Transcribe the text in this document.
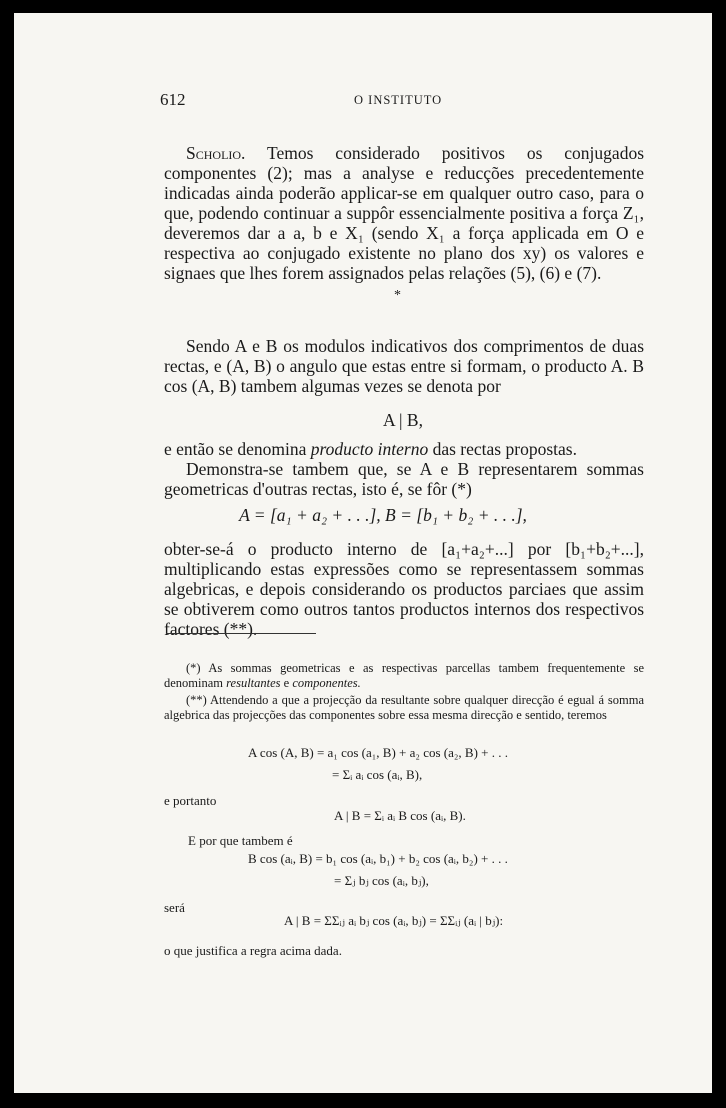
612	O INSTITUTO

Scholio. Temos considerado positivos os conjugados componentes (2); mas a analyse e reducções precedentemente indicadas ainda poderão applicar-se em qualquer outro caso, para o que, podendo continuar a suppôr essencialmente positiva a força Z₁, deveremos dar a a, b e X₁ (sendo X₁ a força applicada em O e respectiva ao conjugado existente no plano dos xy) os valores e signaes que lhes forem assignados pelas relações (5), (6) e (7).

*

Sendo A e B os modulos indicativos dos comprimentos de duas rectas, e (A, B) o angulo que estas entre si formam, o producto A. B cos (A, B) tambem algumas vezes se denota por

A | B,

e então se denomina producto interno das rectas propostas.

Demonstra-se tambem que, se A e B representarem sommas geometricas d'outras rectas, isto é, se fôr (*)

A = [a₁ + a₂ + . . .], B = [b₁ + b₂ + . . .],

obter-se-á o producto interno de [a₁+a₂+...] por [b₁+b₂+...], multiplicando estas expressões como se representassem sommas algebricas, e depois considerando os productos parciaes que assim se obtiverem como outros tantos productos internos dos respectivos factores (**).

(*) As sommas geometricas e as respectivas parcellas tambem frequentemente se denominam resultantes e componentes.

(**) Attendendo a que a projecção da resultante sobre qualquer direcção é egual á somma algebrica das projecções das componentes sobre essa mesma direcção e sentido, teremos

A cos (A, B) = a₁ cos (a₁, B) + a₂ cos (a₂, B) + . . .
= Σᵢ aᵢ cos (aᵢ, B),
e portanto
A | B = Σᵢ aᵢ B cos (aᵢ, B).
E por que tambem é
B cos (aᵢ, B) = b₁ cos (aᵢ, b₁) + b₂ cos (aᵢ, b₂) + . . .
= Σⱼ bⱼ cos (aᵢ, bⱼ),
será
A | B = ΣΣᵢⱼ aᵢ bⱼ cos (aᵢ, bⱼ) = ΣΣᵢⱼ (aᵢ | bⱼ):
o que justifica a regra acima dada.
